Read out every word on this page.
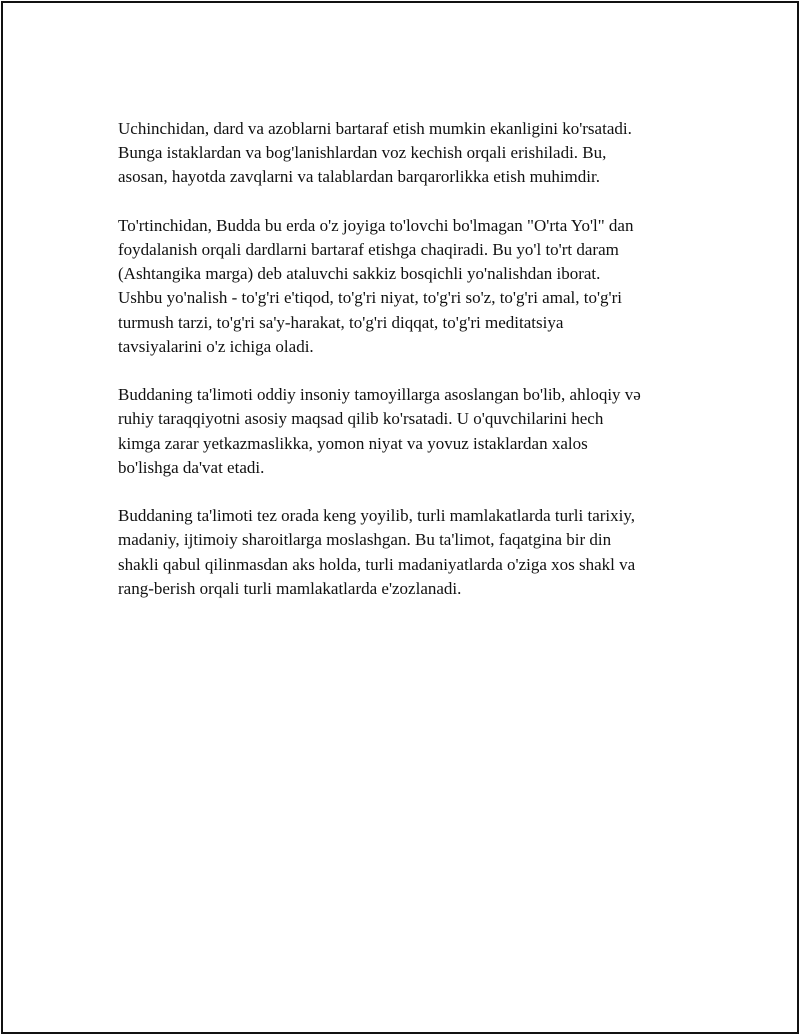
Uchinchidan, dard va azoblarni bartaraf etish mumkin ekanligini ko'rsatadi.
Bunga istaklardan va bog'lanishlardan voz kechish orqali erishiladi. Bu,
asosan, hayotda zavqlarni va talablardan barqarorlikka etish muhimdir.

To'rtinchidan, Budda bu erda o'z joyiga to'lovchi bo'lmagan "O'rta Yo'l" dan
foydalanish orqali dardlarni bartaraf etishga chaqiradi. Bu yo'l to'rt daram
(Ashtangika marga) deb ataluvchi sakkiz bosqichli yo'nalishdan iborat.
Ushbu yo'nalish - to'g'ri e'tiqod, to'g'ri niyat, to'g'ri so'z, to'g'ri amal, to'g'ri
turmush tarzi, to'g'ri sa'y-harakat, to'g'ri diqqat, to'g'ri meditatsiya
tavsiyalarini o'z ichiga oladi.

Buddaning ta'limoti oddiy insoniy tamoyillarga asoslangan bo'lib, ahloqiy və
ruhiy taraqqiyotni asosiy maqsad qilib ko'rsatadi. U o'quvchilarini hech
kimga zarar yetkazmaslikka, yomon niyat va yovuz istaklardan xalos
bo'lishga da'vat etadi.

Buddaning ta'limoti tez orada keng yoyilib, turli mamlakatlarda turli tarixiy,
madaniy, ijtimoiy sharoitlarga moslashgan. Bu ta'limot, faqatgina bir din
shakli qabul qilinmasdan aks holda, turli madaniyatlarda o'ziga xos shakl va
rang-berish orqali turli mamlakatlarda e'zozlanadi.
